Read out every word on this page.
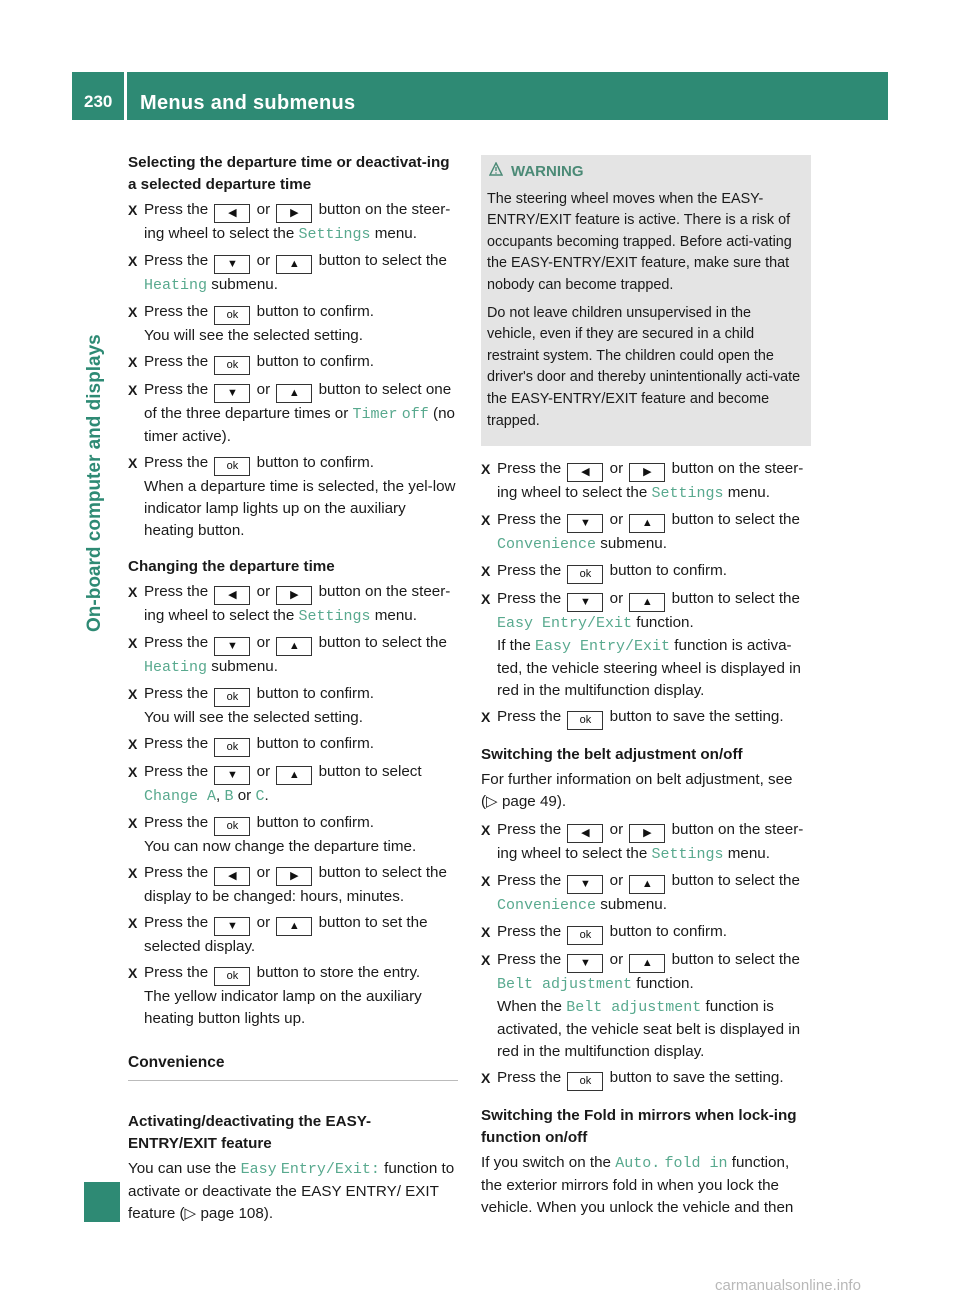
230	Menus and submenus
On-board computer and displays
Selecting the departure time or deactivat-ing a selected departure time
X Press the ◀ or ▶ button on the steer- ing wheel to select the Settings menu.
X Press the ▼ or ▲ button to select the Heating submenu.
X Press the ok button to confirm.
You will see the selected setting.
X Press the ok button to confirm.
X Press the ▼ or ▲ button to select one of the three departure times or Timer off (no timer active).
X Press the ok button to confirm.
When a departure time is selected, the yel-low indicator lamp lights up on the auxiliary heating button.
Changing the departure time
X Press the ◀ or ▶ button on the steer- ing wheel to select the Settings menu.
X Press the ▼ or ▲ button to select the Heating submenu.
X Press the ok button to confirm.
You will see the selected setting.
X Press the ok button to confirm.
X Press the ▼ or ▲ button to select
Change A, B or C.
X Press the ok button to confirm.
You can now change the departure time.
X Press the ◀ or ▶ button to select the display to be changed: hours, minutes.
X Press the ▼ or ▲ button to set the selected display.
X Press the ok button to store the entry.
The yellow indicator lamp on the auxiliary heating button lights up.
Convenience
Activating/deactivating the EASY-ENTRY/EXIT feature

You can use the Easy Entry/Exit: function to activate or deactivate the EASY ENTRY/ EXIT feature (▷ page 108).

WARNING

The steering wheel moves when the EASY-ENTRY/EXIT feature is active. There is a risk of occupants becoming trapped. Before acti-vating the EASY-ENTRY/EXIT feature, make sure that nobody can become trapped.

Do not leave children unsupervised in the vehicle, even if they are secured in a child restraint system. The children could open the driver's door and thereby unintentionally acti-vate the EASY-ENTRY/EXIT feature and become trapped.

X Press the ◀ or ▶ button on the steer- ing wheel to select the Settings menu.
X Press the ▼ or ▲ button to select the Convenience submenu.
X Press the ok button to confirm.
X Press the ▼ or ▲ button to select the Easy Entry/Exit function.
If the Easy Entry/Exit function is activa-ted, the vehicle steering wheel is displayed in red in the multifunction display.
X Press the ok button to save the setting.
Switching the belt adjustment on/off

For further information on belt adjustment, see (▷ page 49).

X Press the ◀ or ▶ button on the steer- ing wheel to select the Settings menu.
X Press the ▼ or ▲ button to select the Convenience submenu.
X Press the ok button to confirm.
X Press the ▼ or ▲ button to select the Belt adjustment function.
When the Belt adjustment function is activated, the vehicle seat belt is displayed in red in the multifunction display.
X Press the ok button to save the setting.
Switching the Fold in mirrors when lock-ing function on/off

If you switch on the Auto. fold in function, the exterior mirrors fold in when you lock the vehicle. When you unlock the vehicle and then

carmanualsonline.info
